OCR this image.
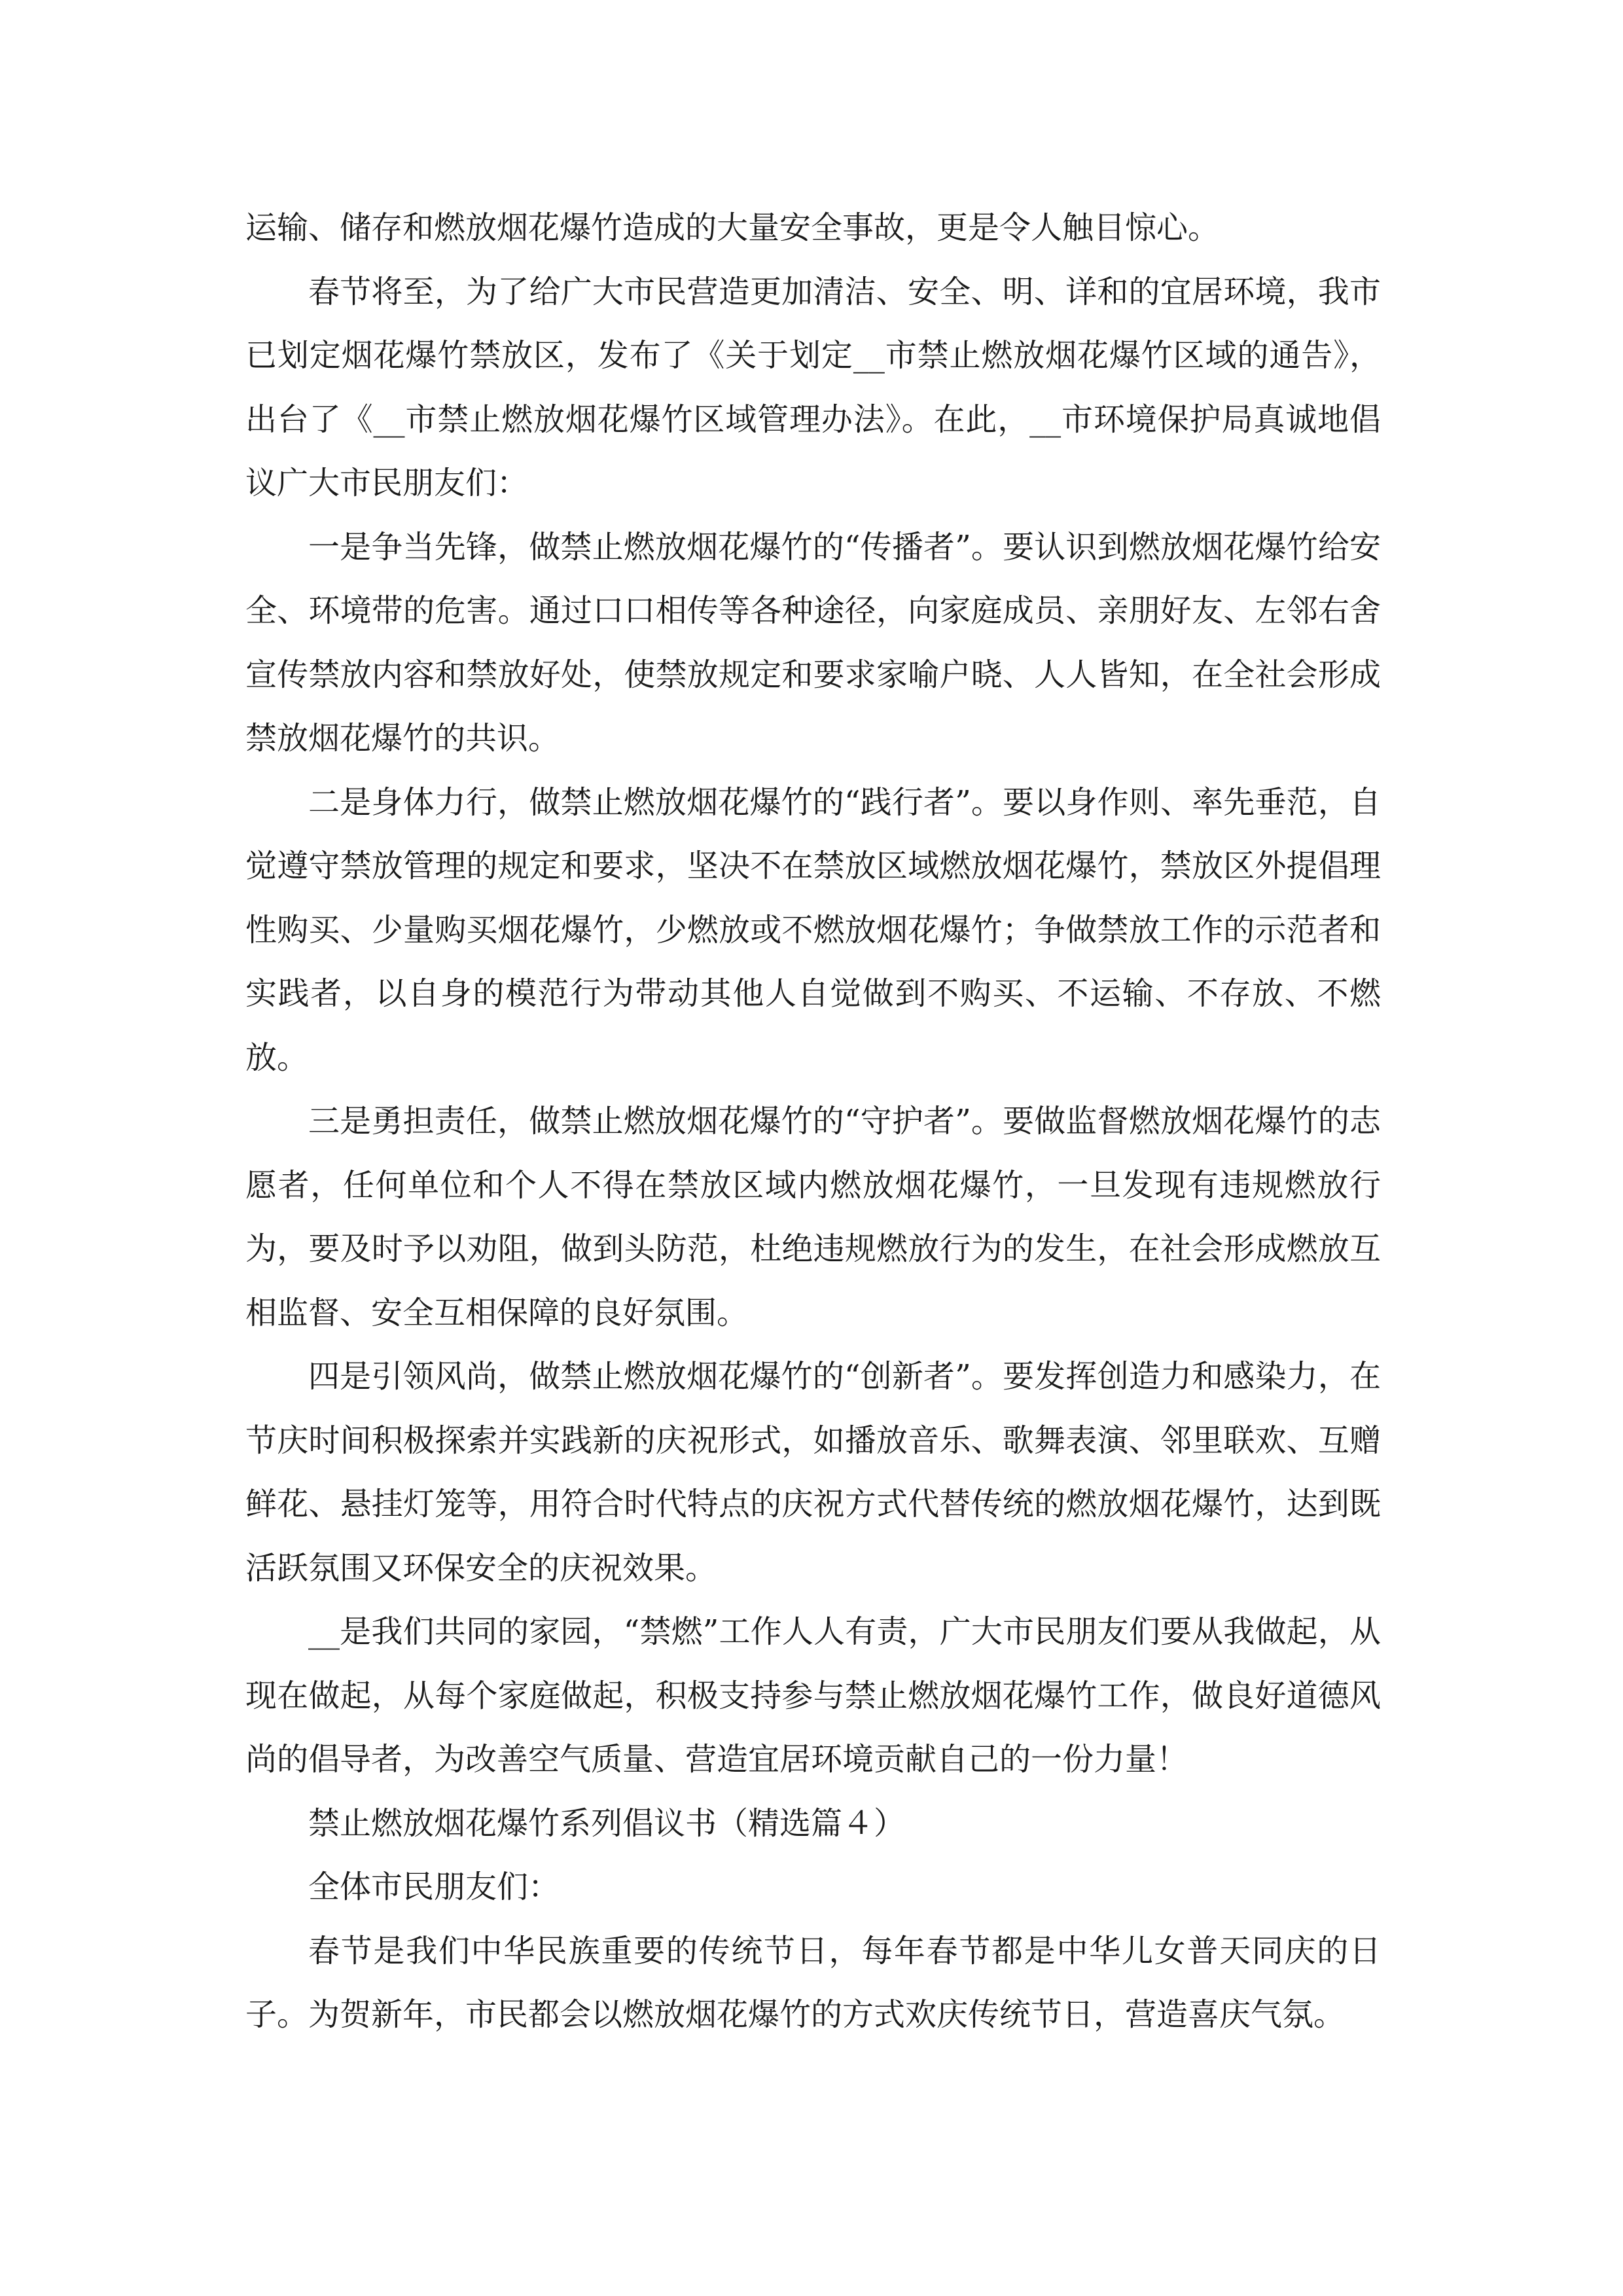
运输、储存和燃放烟花爆竹造成的大量安全事故，更是令人触目惊心。

春节将至，为了给广大市民营造更加清洁、安全、明、详和的宜居环境，我市已划定烟花爆竹禁放区，发布了《关于划定__市禁止燃放烟花爆竹区域的通告》，出台了《__市禁止燃放烟花爆竹区域管理办法》。在此，__市环境保护局真诚地倡议广大市民朋友们：

一是争当先锋，做禁止燃放烟花爆竹的“传播者”。要认识到燃放烟花爆竹给安全、环境带的危害。通过口口相传等各种途径，向家庭成员、亲朋好友、左邻右舍宣传禁放内容和禁放好处，使禁放规定和要求家喻户晓、人人皆知，在全社会形成禁放烟花爆竹的共识。

二是身体力行，做禁止燃放烟花爆竹的“践行者”。要以身作则、率先垂范，自觉遵守禁放管理的规定和要求，坚决不在禁放区域燃放烟花爆竹，禁放区外提倡理性购买、少量购买烟花爆竹，少燃放或不燃放烟花爆竹；争做禁放工作的示范者和实践者，以自身的模范行为带动其他人自觉做到不购买、不运输、不存放、不燃放。

三是勇担责任，做禁止燃放烟花爆竹的“守护者”。要做监督燃放烟花爆竹的志愿者，任何单位和个人不得在禁放区域内燃放烟花爆竹，一旦发现有违规燃放行为，要及时予以劝阻，做到头防范，杜绝违规燃放行为的发生，在社会形成燃放互相监督、安全互相保障的良好氛围。

四是引领风尚，做禁止燃放烟花爆竹的“创新者”。要发挥创造力和感染力，在节庆时间积极探索并实践新的庆祝形式，如播放音乐、歌舞表演、邻里联欢、互赠鲜花、悬挂灯笼等，用符合时代特点的庆祝方式代替传统的燃放烟花爆竹，达到既活跃氛围又环保安全的庆祝效果。

__是我们共同的家园，“禁燃”工作人人有责，广大市民朋友们要从我做起，从现在做起，从每个家庭做起，积极支持参与禁止燃放烟花爆竹工作，做良好道德风尚的倡导者，为改善空气质量、营造宜居环境贡献自己的一份力量！

禁止燃放烟花爆竹系列倡议书（精选篇４）

全体市民朋友们：

春节是我们中华民族重要的传统节日，每年春节都是中华儿女普天同庆的日子。为贺新年，市民都会以燃放烟花爆竹的方式欢庆传统节日，营造喜庆气氛。
